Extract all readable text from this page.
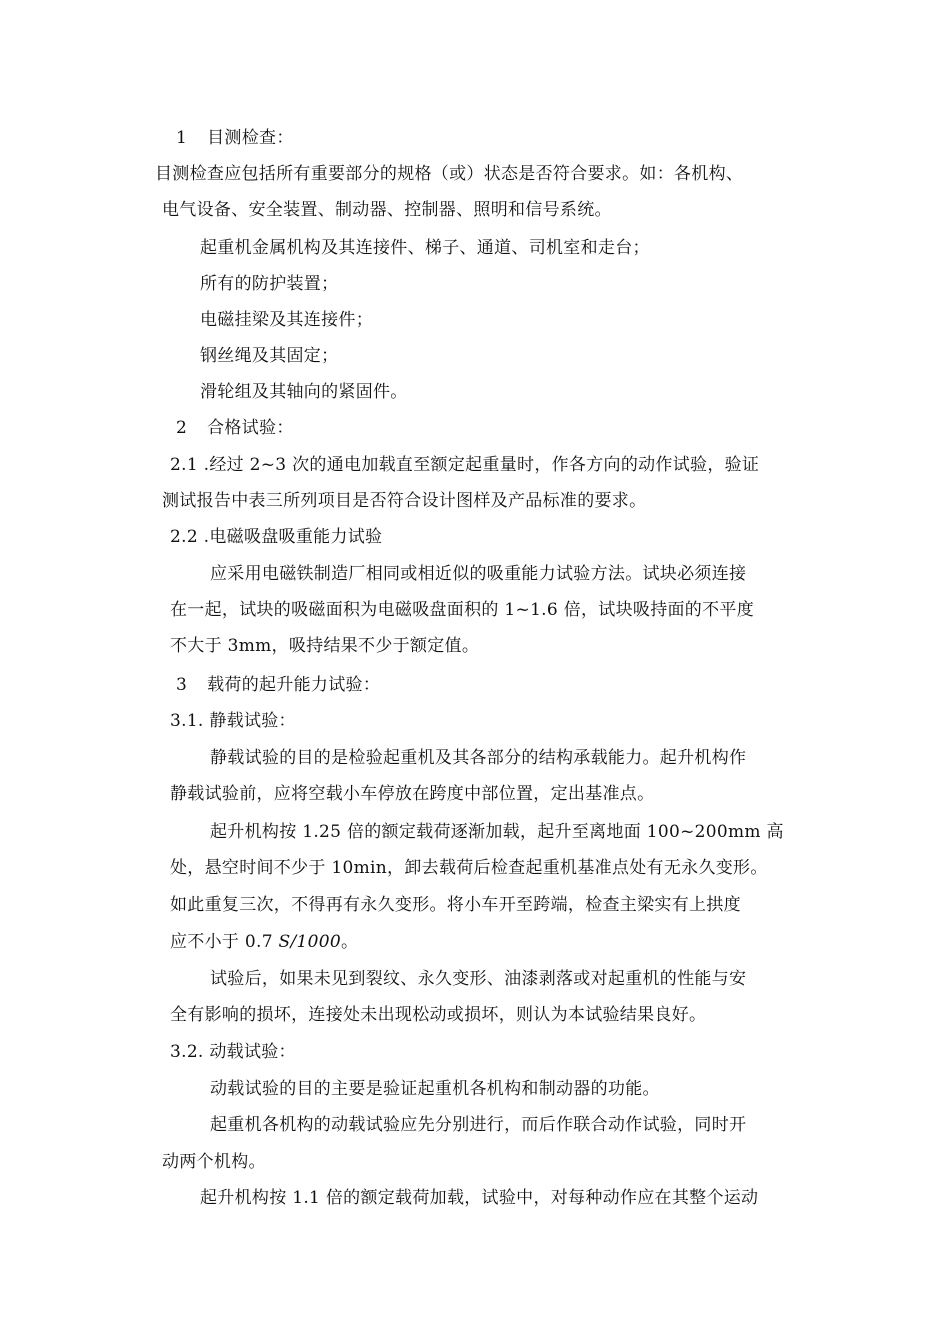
1 目测检查：
目测检查应包括所有重要部分的规格（或）状态是否符合要求。如：各机构、
电气设备、安全装置、制动器、控制器、照明和信号系统。
起重机金属机构及其连接件、梯子、通道、司机室和走台；
所有的防护装置；
电磁挂梁及其连接件；
钢丝绳及其固定；
滑轮组及其轴向的紧固件。
2 合格试验：
2.1 .经过 2~3 次的通电加载直至额定起重量时，作各方向的动作试验，验证
测试报告中表三所列项目是否符合设计图样及产品标准的要求。
2.2 .电磁吸盘吸重能力试验
应采用电磁铁制造厂相同或相近似的吸重能力试验方法。试块必须连接
在一起，试块的吸磁面积为电磁吸盘面积的 1~1.6 倍，试块吸持面的不平度
不大于 3mm，吸持结果不少于额定值。
3 载荷的起升能力试验：
3.1. 静载试验：
静载试验的目的是检验起重机及其各部分的结构承载能力。起升机构作
静载试验前，应将空载小车停放在跨度中部位置，定出基准点。
起升机构按 1.25 倍的额定载荷逐渐加载，起升至离地面 100~200mm 高
处，悬空时间不少于 10min，卸去载荷后检查起重机基准点处有无永久变形。
如此重复三次，不得再有永久变形。将小车开至跨端，检查主梁实有上拱度
应不小于 0.7 S/1000。
试验后，如果未见到裂纹、永久变形、油漆剥落或对起重机的性能与安
全有影响的损坏，连接处未出现松动或损坏，则认为本试验结果良好。
3.2. 动载试验：
动载试验的目的主要是验证起重机各机构和制动器的功能。
起重机各机构的动载试验应先分别进行，而后作联合动作试验，同时开
动两个机构。
起升机构按 1.1 倍的额定载荷加载，试验中，对每种动作应在其整个运动
